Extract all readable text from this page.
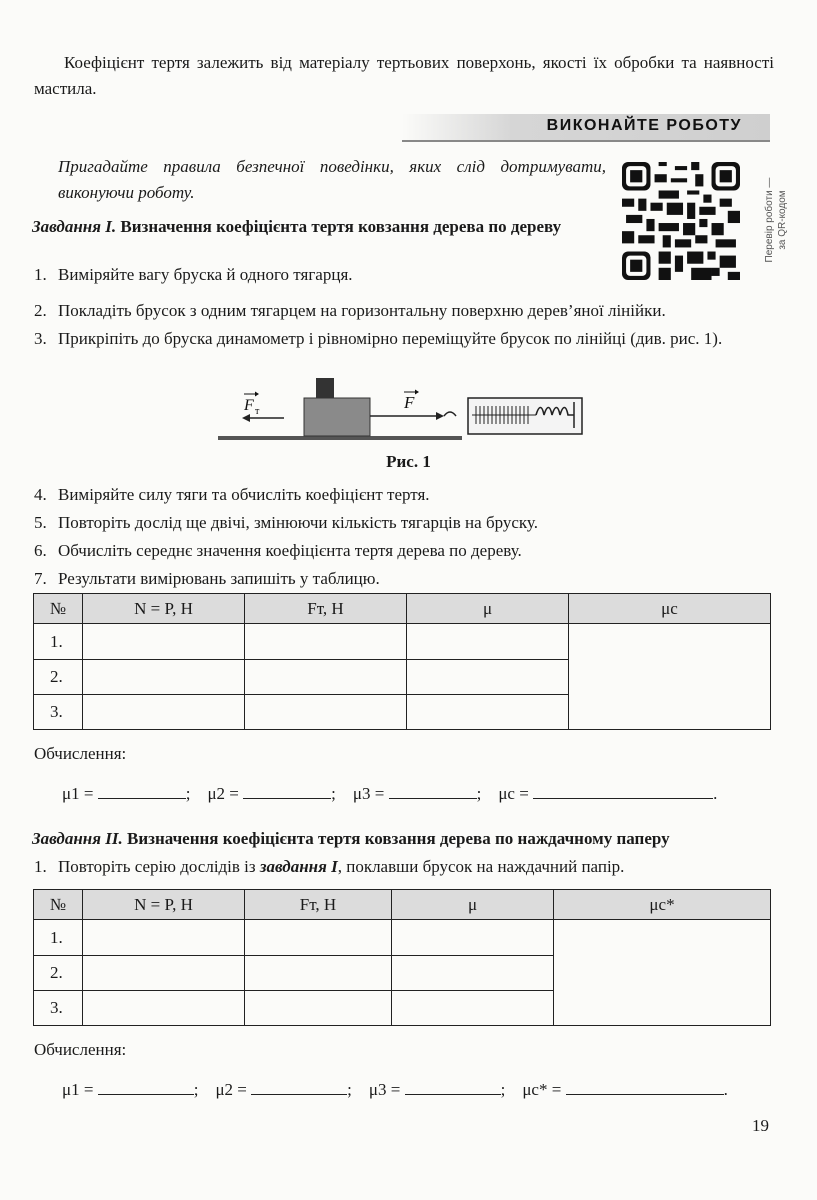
Коефіцієнт тертя залежить від матеріалу тертьових поверхонь, якості їх обробки та наявності мастила.
ВИКОНАЙТЕ РОБОТУ
Пригадайте правила безпечної поведінки, яких слід дотримувати, виконуючи роботу.	Перевір роботи — за QR-кодом
Завдання I. Визначення коефіцієнта тертя ковзання дерева по дереву
1. Виміряйте вагу бруска й одного тягарця.
2. Покладіть брусок з одним тягарцем на горизонтальну поверхню дерев’яної лінійки.
3. Прикріпіть до бруска динамометр і рівномірно переміщуйте брусок по лінійці (див. рис. 1).
F т	F
Рис. 1
4. Виміряйте силу тяги та обчисліть коефіцієнт тертя.
5. Повторіть дослід ще двічі, змінюючи кількість тягарців на бруску.
6. Обчисліть середнє значення коефіцієнта тертя дерева по дереву.
7. Результати вимірювань запишіть у таблицю.
№	N = P, Н	Fт, Н	μ	μс
1.				
2.				
3.				
Обчислення:
μ1 =	;    μ2 =	;    μ3 =	;    μс =	.
Завдання II. Визначення коефіцієнта тертя ковзання дерева по наждачному паперу
1. Повторіть серію дослідів із завдання I, поклавши брусок на наждачний папір.
№	N = P, Н	Fт, Н	μ	μс*
1.				
2.				
3.				
Обчислення:
μ1 =	;    μ2 =	;    μ3 =	;    μс* =	.
19
